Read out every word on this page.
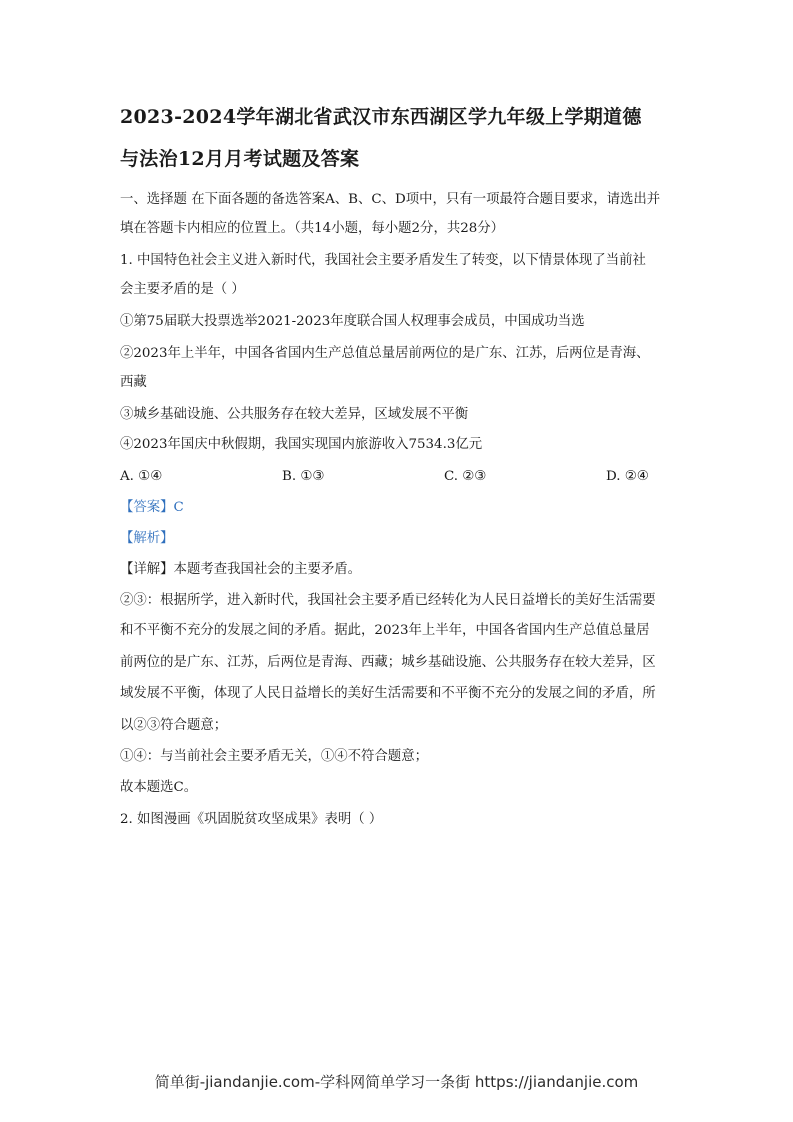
2023-2024学年湖北省武汉市东西湖区学九年级上学期道德
与法治12月月考试题及答案
一、选择题 在下面各题的备选答案A、B、C、D项中，只有一项最符合题目要求，请选出并
填在答题卡内相应的位置上。（共14小题，每小题2分，共28分）
1. 中国特色社会主义进入新时代，我国社会主要矛盾发生了转变，以下情景体现了当前社
会主要矛盾的是（ ）
①第75届联大投票选举2021-2023年度联合国人权理事会成员，中国成功当选
②2023年上半年，中国各省国内生产总值总量居前两位的是广东、江苏，后两位是青海、
西藏
③城乡基础设施、公共服务存在较大差异，区域发展不平衡
④2023年国庆中秋假期，我国实现国内旅游收入7534.3亿元
A. ①④	B. ①③	C. ②③	D. ②④
【答案】C
【解析】
【详解】本题考查我国社会的主要矛盾。
②③：根据所学，进入新时代，我国社会主要矛盾已经转化为人民日益增长的美好生活需要
和不平衡不充分的发展之间的矛盾。据此，2023年上半年，中国各省国内生产总值总量居
前两位的是广东、江苏，后两位是青海、西藏；城乡基础设施、公共服务存在较大差异，区
域发展不平衡，体现了人民日益增长的美好生活需要和不平衡不充分的发展之间的矛盾，所
以②③符合题意；
①④：与当前社会主要矛盾无关，①④不符合题意；
故本题选C。
2. 如图漫画《巩固脱贫攻坚成果》表明（ ）
简单街-jiandanjie.com-学科网简单学习一条街 https://jiandanjie.com
